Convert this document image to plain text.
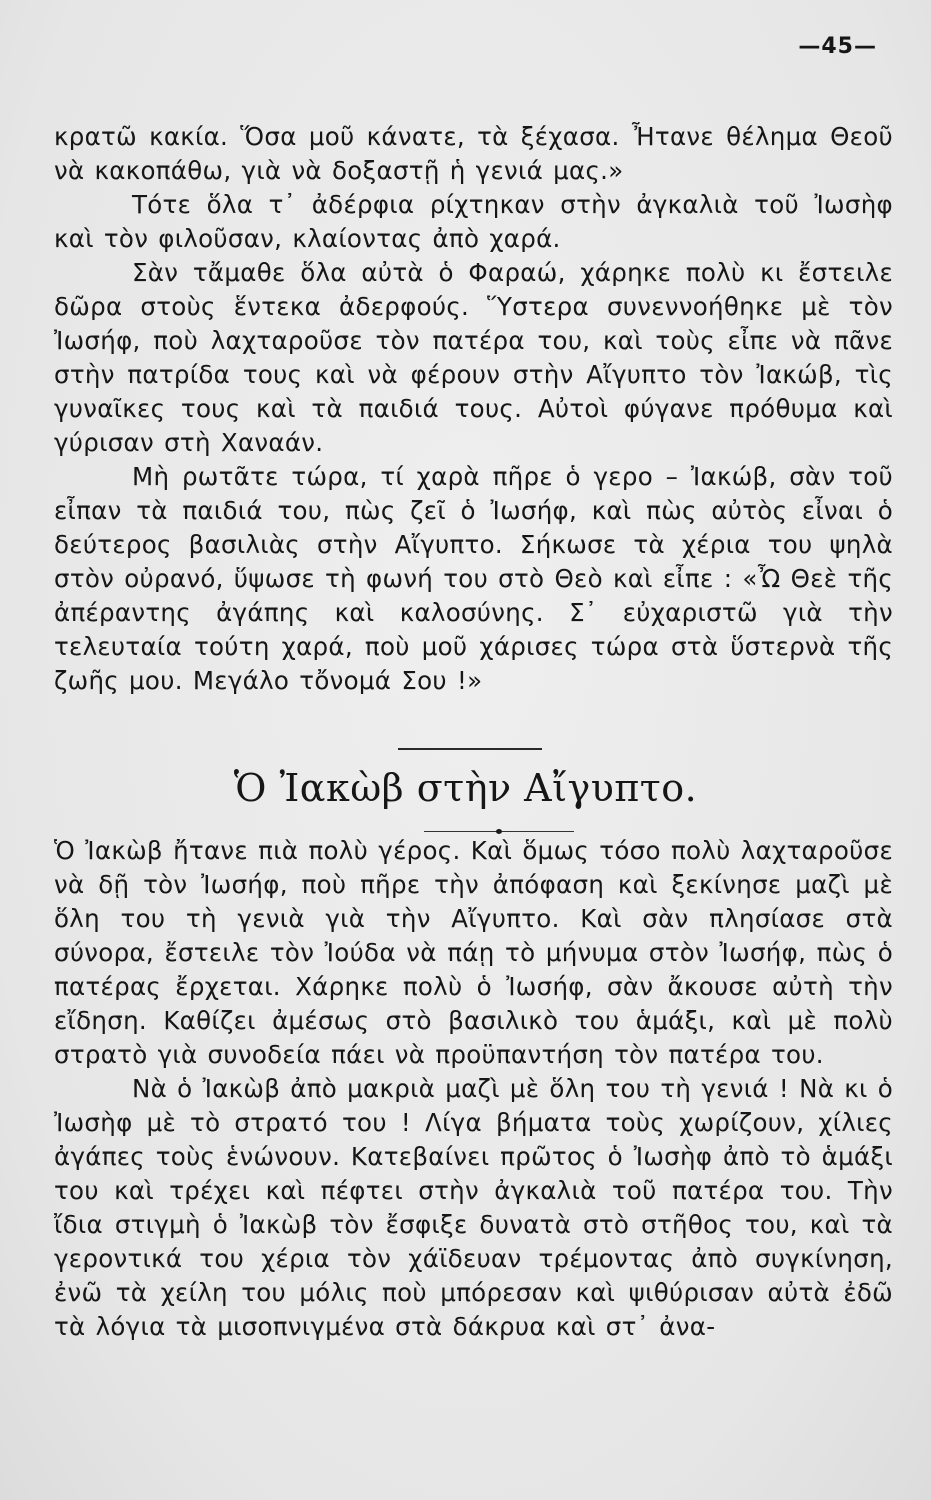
—45—

κρατῶ κακία. Ὅσα μοῦ κάνατε, τὰ ξέχασα. Ἦτανε θέλημα Θεοῦ νὰ κακοπάθω, γιὰ νὰ δοξαστῇ ἡ γενιά μας.»

Τότε ὅλα τ᾿ ἀδέρφια ρίχτηκαν στὴν ἀγκαλιὰ τοῦ Ἰωσὴφ καὶ τὸν φιλοῦσαν, κλαίοντας ἀπὸ χαρά.

Σὰν τἄμαθε ὅλα αὐτὰ ὁ Φαραώ, χάρηκε πολὺ κι ἔστειλε δῶρα στοὺς ἕντεκα ἀδερφούς. Ὕστερα συνεννοήθηκε μὲ τὸν Ἰωσήφ, ποὺ λαχταροῦσε τὸν πατέρα του, καὶ τοὺς εἶπε νὰ πᾶνε στὴν πατρίδα τους καὶ νὰ φέρουν στὴν Αἴγυπτο τὸν Ἰακώβ, τὶς γυναῖκες τους καὶ τὰ παιδιά τους. Αὐτοὶ φύγανε πρόθυμα καὶ γύρισαν στὴ Χαναάν.

Μὴ ρωτᾶτε τώρα, τί χαρὰ πῆρε ὁ γερο – Ἰακώβ, σὰν τοῦ εἶπαν τὰ παιδιά του, πὼς ζεῖ ὁ Ἰωσήφ, καὶ πὼς αὐτὸς εἶναι ὁ δεύτερος βασιλιὰς στὴν Αἴγυπτο. Σήκωσε τὰ χέρια του ψηλὰ στὸν οὐρανό, ὕψωσε τὴ φωνή του στὸ Θεὸ καὶ εἶπε : «Ὦ Θεὲ τῆς ἀπέραντης ἀγάπης καὶ καλοσύνης. Σ᾿ εὐχαριστῶ γιὰ τὴν τελευταία τούτη χαρά, ποὺ μοῦ χάρισες τώρα στὰ ὕστερνὰ τῆς ζωῆς μου. Μεγάλο τὄνομά Σου !»

Ὁ Ἰακὼβ στὴν Αἴγυπτο.

Ὁ Ἰακὼβ ἤτανε πιὰ πολὺ γέρος. Καὶ ὅμως τόσο πολὺ λαχταροῦσε νὰ δῇ τὸν Ἰωσήφ, ποὺ πῆρε τὴν ἀπόφαση καὶ ξεκίνησε μαζὶ μὲ ὅλη του τὴ γενιὰ γιὰ τὴν Αἴγυπτο. Καὶ σὰν πλησίασε στὰ σύνορα, ἔστειλε τὸν Ἰούδα νὰ πάῃ τὸ μήνυμα στὸν Ἰωσήφ, πὼς ὁ πατέρας ἔρχεται. Χάρηκε πολὺ ὁ Ἰωσήφ, σὰν ἄκουσε αὐτὴ τὴν εἴδηση. Καθίζει ἀμέσως στὸ βασιλικὸ του ἁμάξι, καὶ μὲ πολὺ στρατὸ γιὰ συνοδεία πάει νὰ προϋπαντήση τὸν πατέρα του.

Νὰ ὁ Ἰακὼβ ἀπὸ μακριὰ μαζὶ μὲ ὅλη του τὴ γενιά ! Νὰ κι ὁ Ἰωσὴφ μὲ τὸ στρατό του ! Λίγα βήματα τοὺς χωρίζουν, χίλιες ἀγάπες τοὺς ἑνώνουν. Κατεβαίνει πρῶτος ὁ Ἰωσὴφ ἀπὸ τὸ ἁμάξι του καὶ τρέχει καὶ πέφτει στὴν ἀγκαλιὰ τοῦ πατέρα του. Τὴν ἴδια στιγμὴ ὁ Ἰακὼβ τὸν ἔσφιξε δυνατὰ στὸ στῆθος του, καὶ τὰ γεροντικά του χέρια τὸν χάϊδευαν τρέμοντας ἀπὸ συγκίνηση, ἐνῶ τὰ χείλη του μόλις ποὺ μπόρεσαν καὶ ψιθύρισαν αὐτὰ ἐδῶ τὰ λόγια τὰ μισοπνιγμένα στὰ δάκρυα καὶ στ᾿ ἀνα-
